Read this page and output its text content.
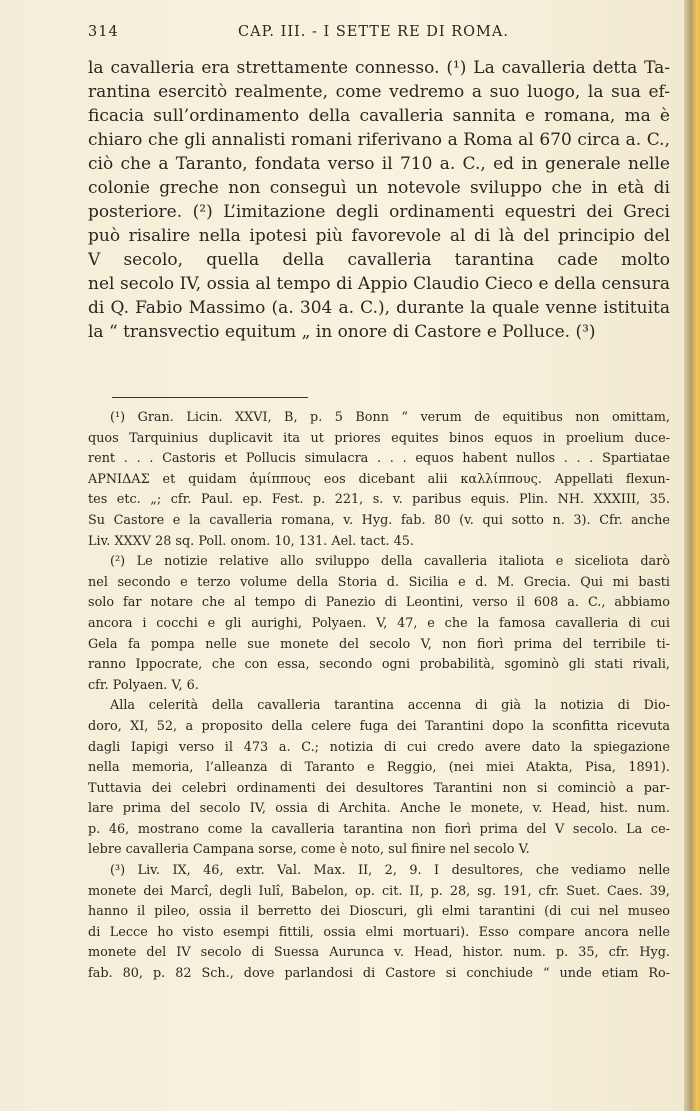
314	CAP. III. - I SETTE RE DI ROMA.
la cavalleria era strettamente connesso. (¹) La cavalleria detta Ta-
rantina esercitò realmente, come vedremo a suo luogo, la sua ef-
ficacia sull’ordinamento della cavalleria sannita e romana, ma è
chiaro che gli annalisti romani riferivano a Roma al 670 circa a. C.,
ciò che a Taranto, fondata verso il 710 a. C., ed in generale nelle
colonie greche non conseguì un notevole sviluppo che in età di
posteriore. (²) L’imitazione degli ordinamenti equestri dei Greci
può risalire nella ipotesi più favorevole al di là del principio del
V secolo, quella della cavalleria tarantina cade molto
nel secolo IV, ossia al tempo di Appio Claudio Cieco e della censura
di Q. Fabio Massimo (a. 304 a. C.), durante la quale venne istituita
la “ transvectio equitum „ in onore di Castore e Polluce. (³)
(¹) Gran. Licin. XXVI, B, p. 5 Bonn “ verum de equitibus non omittam,
quos Tarquinius duplicavit ita ut priores equites binos equos in proelium duce-
rent . . . Castoris et Pollucis simulacra . . . equos habent nullos . . . Spartiatae
ΑΡΝΙΔΑΣ et quidam ἁμίππους eos dicebant alii καλλίππους. Appellati flexun-
tes etc. „; cfr. Paul. ep. Fest. p. 221, s. v. paribus equis. Plin. NH. XXXIII, 35.
Su Castore e la cavalleria romana, v. Hyg. fab. 80 (v. qui sotto n. 3). Cfr. anche
Liv. XXXV 28 sq. Poll. onom. 10, 131. Ael. tact. 45.
(²) Le notizie relative allo sviluppo della cavalleria italiota e siceliota darò
nel secondo e terzo volume della Storia d. Sicilia e d. M. Grecia. Qui mi basti
solo far notare che al tempo di Panezio di Leontini, verso il 608 a. C., abbiamo
ancora i cocchi e gli aurighi, Polyaen. V, 47, e che la famosa cavalleria di cui
Gela fa pompa nelle sue monete del secolo V, non fiorì prima del terribile ti-
ranno Ippocrate, che con essa, secondo ogni probabilità, sgominò gli stati rivali,
cfr. Polyaen. V, 6.
Alla celerità della cavalleria tarantina accenna di già la notizia di Dio-
doro, XI, 52, a proposito della celere fuga dei Tarantini dopo la sconfitta ricevuta
dagli Iapigi verso il 473 a. C.; notizia di cui credo avere dato la spiegazione
nella memoria, l’alleanza di Taranto e Reggio, (nei miei Atakta, Pisa, 1891).
Tuttavia dei celebri ordinamenti dei desultores Tarantini non si cominciò a par-
lare prima del secolo IV, ossia di Archita. Anche le monete, v. Head, hist. num.
p. 46, mostrano come la cavalleria tarantina non fiorì prima del V secolo. La ce-
lebre cavalleria Campana sorse, come è noto, sul finire nel secolo V.
(³) Liv. IX, 46, extr. Val. Max. II, 2, 9. I desultores, che vediamo nelle
monete dei Marcî, degli Iulî, Babelon, op. cit. II, p. 28, sg. 191, cfr. Suet. Caes. 39,
hanno il pileo, ossia il berretto dei Dioscuri, gli elmi tarantini (di cui nel museo
di Lecce ho visto esempi fittili, ossia elmi mortuari). Esso compare ancora nelle
monete del IV secolo di Suessa Aurunca v. Head, histor. num. p. 35, cfr. Hyg.
fab. 80, p. 82 Sch., dove parlandosi di Castore si conchiude “ unde etiam Ro-
